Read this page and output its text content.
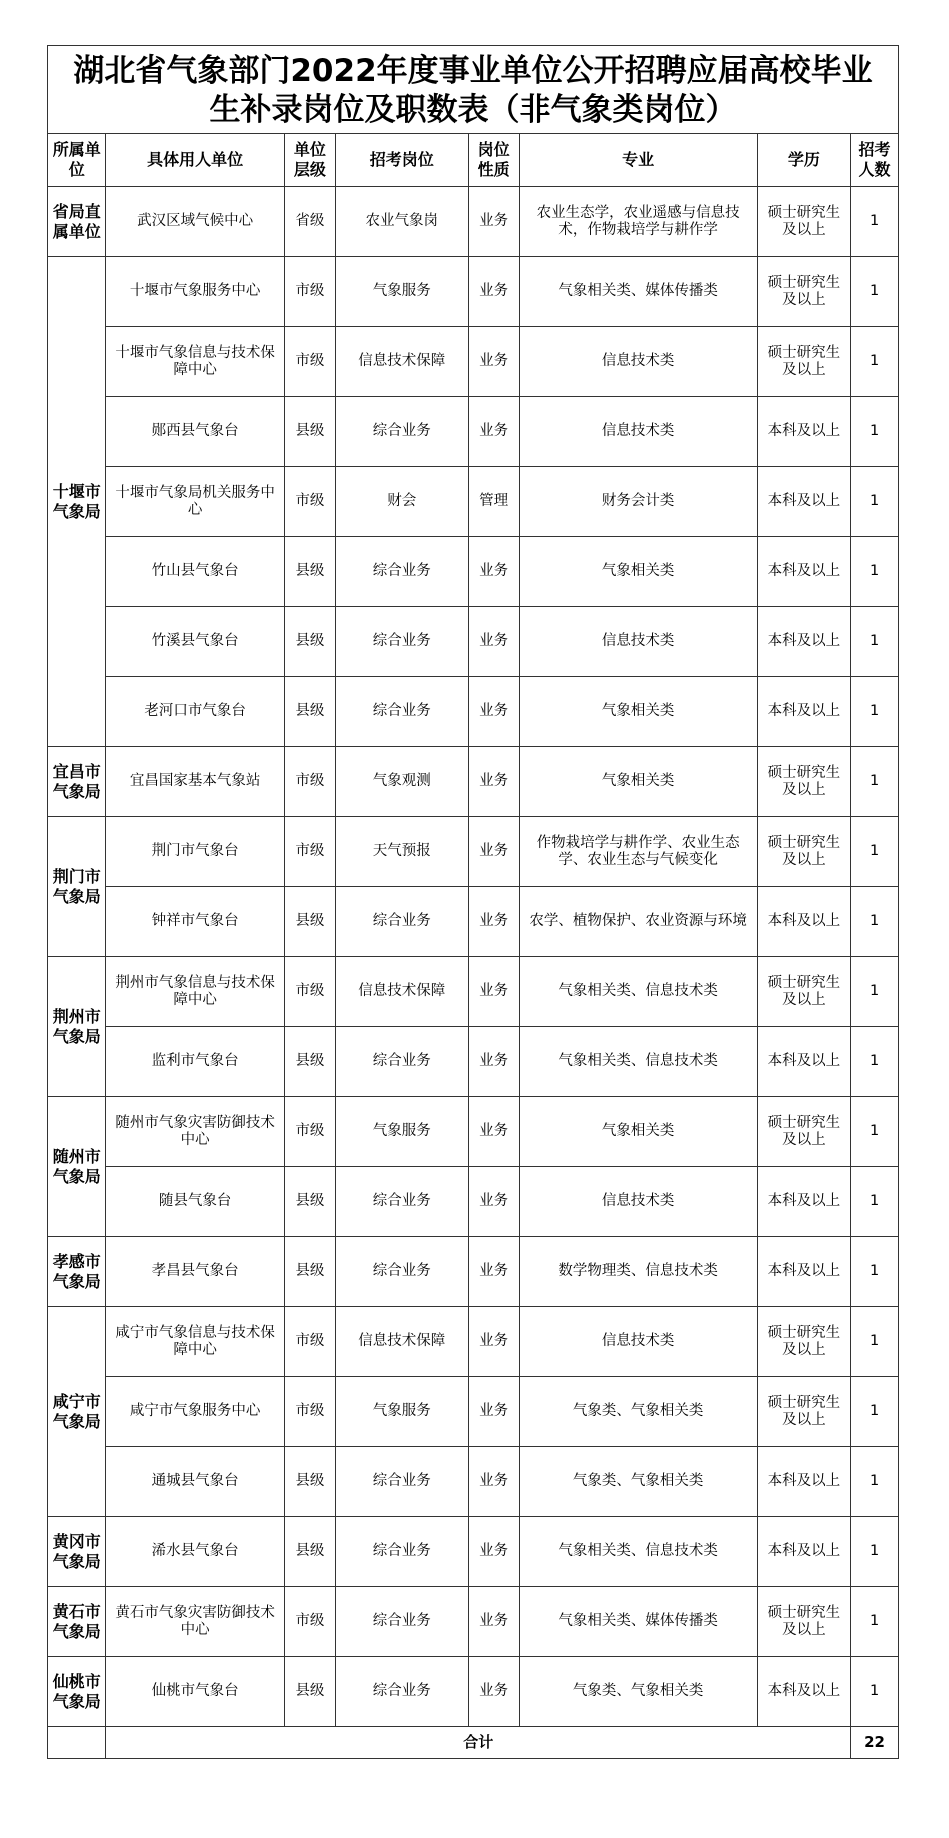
湖北省气象部门2022年度事业单位公开招聘应届高校毕业
生补录岗位及职数表（非气象类岗位）
所属单位	具体用人单位	单位层级	招考岗位	岗位性质	专业	学历	招考人数
省局直属单位	武汉区域气候中心	省级	农业气象岗	业务	农业生态学，农业遥感与信息技术，作物栽培学与耕作学	硕士研究生及以上	1
十堰市气象局	十堰市气象服务中心	市级	气象服务	业务	气象相关类、媒体传播类	硕士研究生及以上	1
	十堰市气象信息与技术保障中心	市级	信息技术保障	业务	信息技术类	硕士研究生及以上	1
	郧西县气象台	县级	综合业务	业务	信息技术类	本科及以上	1
	十堰市气象局机关服务中心	市级	财会	管理	财务会计类	本科及以上	1
	竹山县气象台	县级	综合业务	业务	气象相关类	本科及以上	1
	竹溪县气象台	县级	综合业务	业务	信息技术类	本科及以上	1
	老河口市气象台	县级	综合业务	业务	气象相关类	本科及以上	1
宜昌市气象局	宜昌国家基本气象站	市级	气象观测	业务	气象相关类	硕士研究生及以上	1
荆门市气象局	荆门市气象台	市级	天气预报	业务	作物栽培学与耕作学、农业生态学、农业生态与气候变化	硕士研究生及以上	1
	钟祥市气象台	县级	综合业务	业务	农学、植物保护、农业资源与环境	本科及以上	1
荆州市气象局	荆州市气象信息与技术保障中心	市级	信息技术保障	业务	气象相关类、信息技术类	硕士研究生及以上	1
	监利市气象台	县级	综合业务	业务	气象相关类、信息技术类	本科及以上	1
随州市气象局	随州市气象灾害防御技术中心	市级	气象服务	业务	气象相关类	硕士研究生及以上	1
	随县气象台	县级	综合业务	业务	信息技术类	本科及以上	1
孝感市气象局	孝昌县气象台	县级	综合业务	业务	数学物理类、信息技术类	本科及以上	1
咸宁市气象局	咸宁市气象信息与技术保障中心	市级	信息技术保障	业务	信息技术类	硕士研究生及以上	1
	咸宁市气象服务中心	市级	气象服务	业务	气象类、气象相关类	硕士研究生及以上	1
	通城县气象台	县级	综合业务	业务	气象类、气象相关类	本科及以上	1
黄冈市气象局	浠水县气象台	县级	综合业务	业务	气象相关类、信息技术类	本科及以上	1
黄石市气象局	黄石市气象灾害防御技术中心	市级	综合业务	业务	气象相关类、媒体传播类	硕士研究生及以上	1
仙桃市气象局	仙桃市气象台	县级	综合业务	业务	气象类、气象相关类	本科及以上	1
	合计						22
